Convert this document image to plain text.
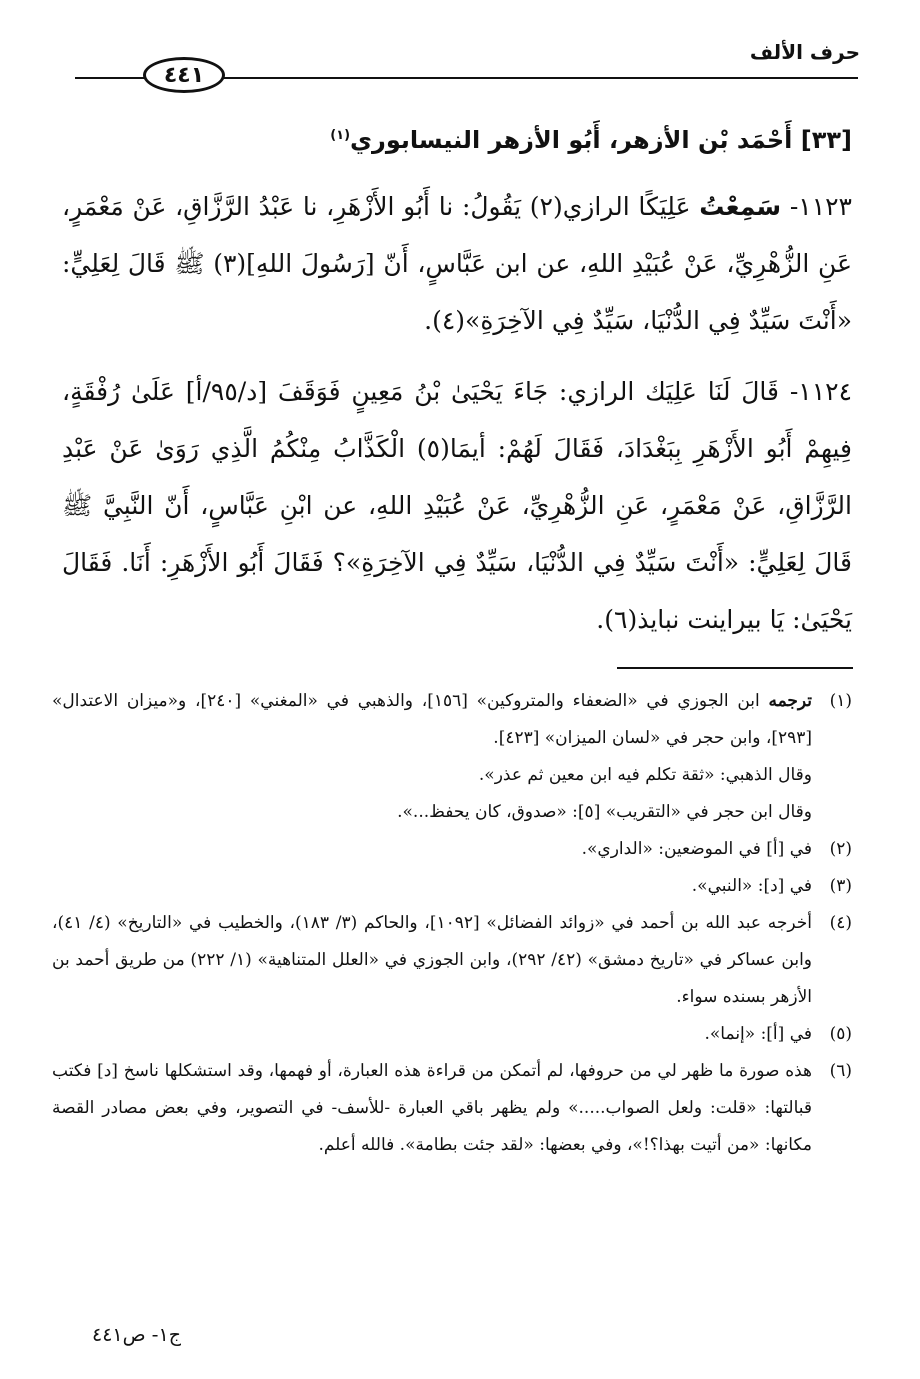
حرف الألف
٤٤١
[٣٣] أَحْمَد بْن الأزهر، أَبُو الأزهر النيسابوري$^{(١)}$

١١٢٣- سَمِعْتُ عَلِيَكًا الرازي(٢) يَقُولُ: نا أَبُو الأَزْهَرِ، نا عَبْدُ الرَّزَّاقِ، عَنْ مَعْمَرٍ، عَنِ الزُّهْرِيِّ، عَنْ عُبَيْدِ اللهِ، عن ابن عَبَّاسٍ، أَنّ [رَسُولَ اللهِ](٣) ﷺ قَالَ لِعَلِيٍّ: «أَنْتَ سَيِّدٌ فِي الدُّنْيَا، سَيِّدٌ فِي الآخِرَةِ»(٤).

١١٢٤- قَالَ لَنَا عَلِيَك الرازي: جَاءَ يَحْيَىٰ بْنُ مَعِينٍ فَوَقَفَ [د/٩٥/أ] عَلَىٰ رُفْقَةٍ، فِيهِمْ أَبُو الأَزْهَرِ بِبَغْدَادَ، فَقَالَ لَهُمْ: أيمَا(٥) الْكَذَّابُ مِنْكُمُ الَّذِي رَوَىٰ عَنْ عَبْدِ الرَّزَّاقِ، عَنْ مَعْمَرٍ، عَنِ الزُّهْرِيِّ، عَنْ عُبَيْدِ اللهِ، عن ابْنِ عَبَّاسٍ، أَنّ النَّبِيَّ ﷺ قَالَ لِعَلِيٍّ: «أَنْتَ سَيِّدٌ فِي الدُّنْيَا، سَيِّدٌ فِي الآخِرَةِ»؟ فَقَالَ أَبُو الأَزْهَرِ: أَنَا. فَقَالَ يَحْيَىٰ: يَا بيراينت نبايذ(٦).

(١)
ترجمه ابن الجوزي في «الضعفاء والمتروكين» [١٥٦]، والذهبي في «المغني» [٢٤٠]، و«ميزان الاعتدال» [٢٩٣]، وابن حجر في «لسان الميزان» [٤٢٣].
وقال الذهبي: «ثقة تكلم فيه ابن معين ثم عذر».
وقال ابن حجر في «التقريب» [٥]: «صدوق، كان يحفظ...».
(٢)
في [أ] في الموضعين: «الداري».
(٣)
في [د]: «النبي».
(٤)
أخرجه عبد الله بن أحمد في «زوائد الفضائل» [١٠٩٢]، والحاكم (٣/ ١٨٣)، والخطيب في «التاريخ» (٤/ ٤١)، وابن عساكر في «تاريخ دمشق» (٤٢/ ٢٩٢)، وابن الجوزي في «العلل المتناهية» (١/ ٢٢٢) من طريق أحمد بن الأزهر بسنده سواء.
(٥)
في [أ]: «إنما».
(٦)
هذه صورة ما ظهر لي من حروفها، لم أتمكن من قراءة هذه العبارة، أو فهمها، وقد استشكلها ناسخ [د] فكتب قبالتها: «قلت: ولعل الصواب.....» ولم يظهر باقي العبارة -للأسف- في التصوير، وفي بعض مصادر القصة مكانها: «من أتيت بهذا؟!»، وفي بعضها: «لقد جئت بطامة». فالله أعلم.
ج١- ص٤٤١
